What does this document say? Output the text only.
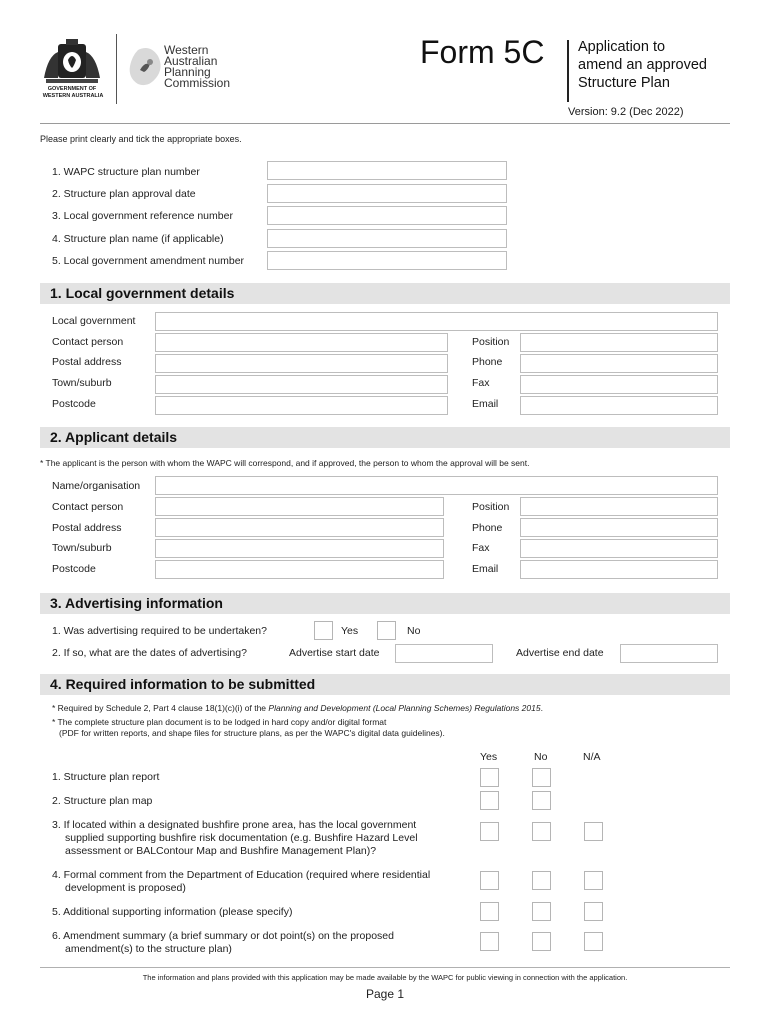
GOVERNMENT OF
WESTERN AUSTRALIA
Western
Australian
Planning
Commission
Form 5C Application to
amend an approved
Structure Plan
Version: 9.2 (Dec 2022)
Please print clearly and tick the appropriate boxes.
1. WAPC structure plan number
2. Structure plan approval date
3. Local government reference number
4. Structure plan name (if applicable)
5. Local government amendment number
1. Local government details
Local government
Contact person	Position
Postal address	Phone
Town/suburb	Fax
Postcode	Email
2. Applicant details
* The applicant is the person with whom the WAPC will correspond, and if approved, the person to whom the approval will be sent.
Name/organisation
Contact person	Position
Postal address	Phone
Town/suburb	Fax
Postcode	Email
3. Advertising information
1. Was advertising required to be undertaken?	Yes	No
2. If so, what are the dates of advertising?	Advertise start date	Advertise end date
4. Required information to be submitted
* Required by Schedule 2, Part 4 clause 18(1)(c)(i) of the Planning and Development (Local Planning Schemes) Regulations 2015.
* The complete structure plan document is to be lodged in hard copy and/or digital format
(PDF for written reports, and shape files for structure plans, as per the WAPC's digital data guidelines).
Yes	No	N/A
1. Structure plan report
2. Structure plan map
3. If located within a designated bushfire prone area, has the local government
supplied supporting bushfire risk documentation (e.g. Bushfire Hazard Level
assessment or BALContour Map and Bushfire Management Plan)?
4. Formal comment from the Department of Education (required where residential
development is proposed)
5. Additional supporting information (please specify)
6. Amendment summary (a brief summary or dot point(s) on the proposed
amendment(s) to the structure plan)
The information and plans provided with this application may be made available by the WAPC for public viewing in connection with the application.
Page 1
